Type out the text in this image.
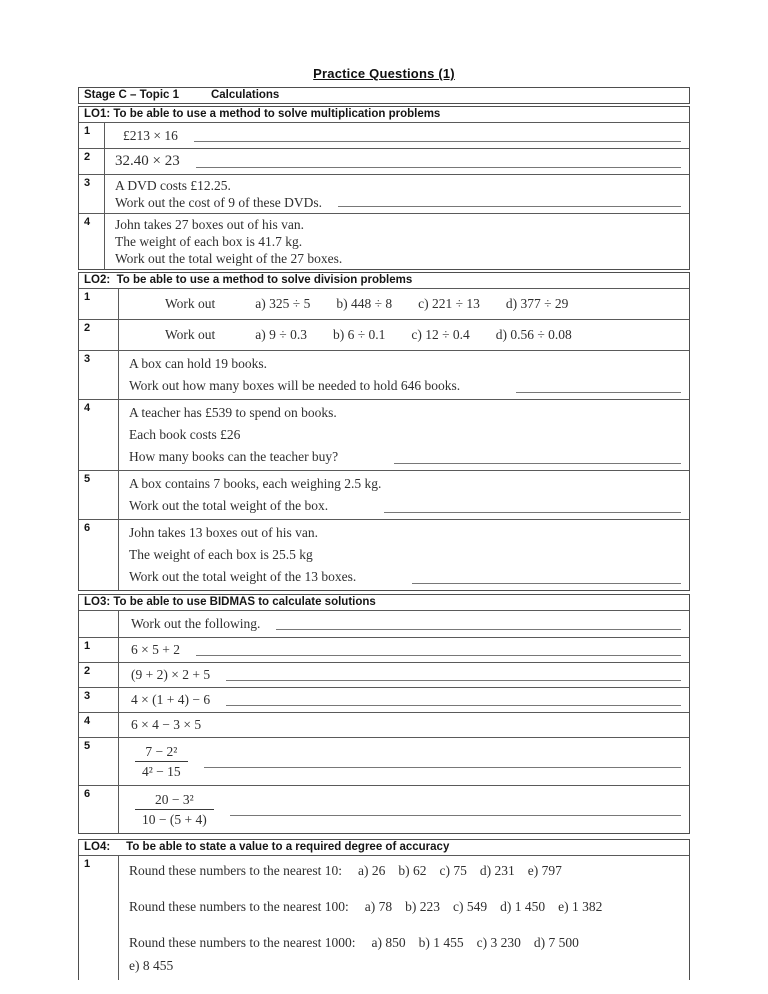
Practice Questions (1)
Stage C – Topic 1          Calculations
LO1: To be able to use a method to solve multiplication problems
1	£213 × 16
2	32.40 × 23
3	A DVD costs £12.25.
Work out the cost of 9 of these DVDs.
4	John takes 27 boxes out of his van.
The weight of each box is 41.7 kg.
Work out the total weight of the 27 boxes.
LO2:  To be able to use a method to solve division problems
1	Work out	a) 325 ÷ 5 b) 448 ÷ 8 c) 221 ÷ 13 d) 377 ÷ 29
2	Work out	a) 9 ÷ 0.3 b) 6 ÷ 0.1 c) 12 ÷ 0.4 d) 0.56 ÷ 0.08
3	A box can hold 19 books.
Work out how many boxes will be needed to hold 646 books.
4	A teacher has £539 to spend on books.
Each book costs £26
How many books can the teacher buy?
5	A box contains 7 books, each weighing 2.5 kg.
Work out the total weight of the box.
6	John takes 13 boxes out of his van.
The weight of each box is 25.5 kg
Work out the total weight of the 13 boxes.
LO3: To be able to use BIDMAS to calculate solutions
Work out the following.
1	6 × 5 + 2
2	(9 + 2) × 2 + 5
3	4 × (1 + 4) − 6
4	6 × 4 − 3 × 5
5	$\frac{\text{7 − 2²}}{\text{4² − 15}}$
6	$\frac{\text{20 − 3²}}{10 - (5 + 4)}$
LO4:     To be able to state a value to a required degree of accuracy
1	Round these numbers to the nearest 10: a) 26 b) 62 c) 75 d) 231 e) 797
Round these numbers to the nearest 100: a) 78 b) 223 c) 549 d) 1 450 e) 1 382
Round these numbers to the nearest 1000: a) 850 b) 1 455 c) 3 230 d) 7 500
e) 8 455
